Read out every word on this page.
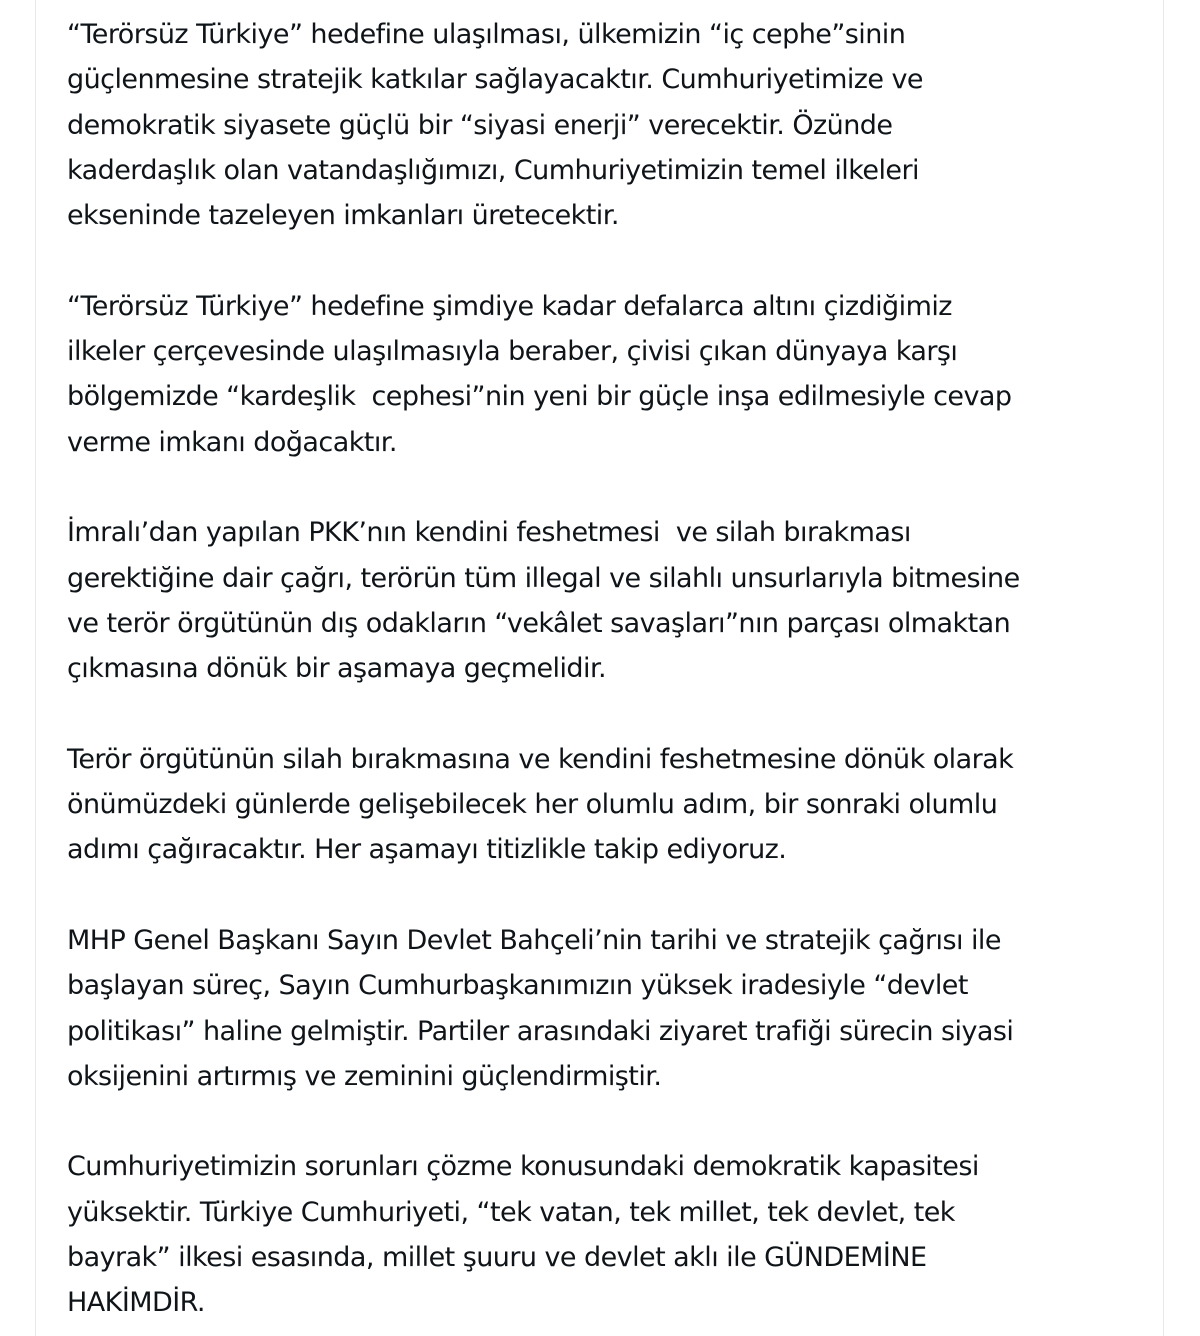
“Terörsüz Türkiye” hedefine ulaşılması, ülkemizin “iç cephe”sinin
güçlenmesine stratejik katkılar sağlayacaktır. Cumhuriyetimize ve
demokratik siyasete güçlü bir “siyasi enerji” verecektir. Özünde
kaderdaşlık olan vatandaşlığımızı, Cumhuriyetimizin temel ilkeleri
ekseninde tazeleyen imkanları üretecektir.

“Terörsüz Türkiye” hedefine şimdiye kadar defalarca altını çizdiğimiz
ilkeler çerçevesinde ulaşılmasıyla beraber, çivisi çıkan dünyaya karşı
bölgemizde “kardeşlik  cephesi”nin yeni bir güçle inşa edilmesiyle cevap
verme imkanı doğacaktır.

İmralı’dan yapılan PKK’nın kendini feshetmesi  ve silah bırakması
gerektiğine dair çağrı, terörün tüm illegal ve silahlı unsurlarıyla bitmesine
ve terör örgütünün dış odakların “vekâlet savaşları”nın parçası olmaktan
çıkmasına dönük bir aşamaya geçmelidir.

Terör örgütünün silah bırakmasına ve kendini feshetmesine dönük olarak
önümüzdeki günlerde gelişebilecek her olumlu adım, bir sonraki olumlu
adımı çağıracaktır. Her aşamayı titizlikle takip ediyoruz.

MHP Genel Başkanı Sayın Devlet Bahçeli’nin tarihi ve stratejik çağrısı ile
başlayan süreç, Sayın Cumhurbaşkanımızın yüksek iradesiyle “devlet
politikası” haline gelmiştir. Partiler arasındaki ziyaret trafiği sürecin siyasi
oksijenini artırmış ve zeminini güçlendirmiştir.

Cumhuriyetimizin sorunları çözme konusundaki demokratik kapasitesi
yüksektir. Türkiye Cumhuriyeti, “tek vatan, tek millet, tek devlet, tek
bayrak” ilkesi esasında, millet şuuru ve devlet aklı ile GÜNDEMİNE
HAKİMDİR.
